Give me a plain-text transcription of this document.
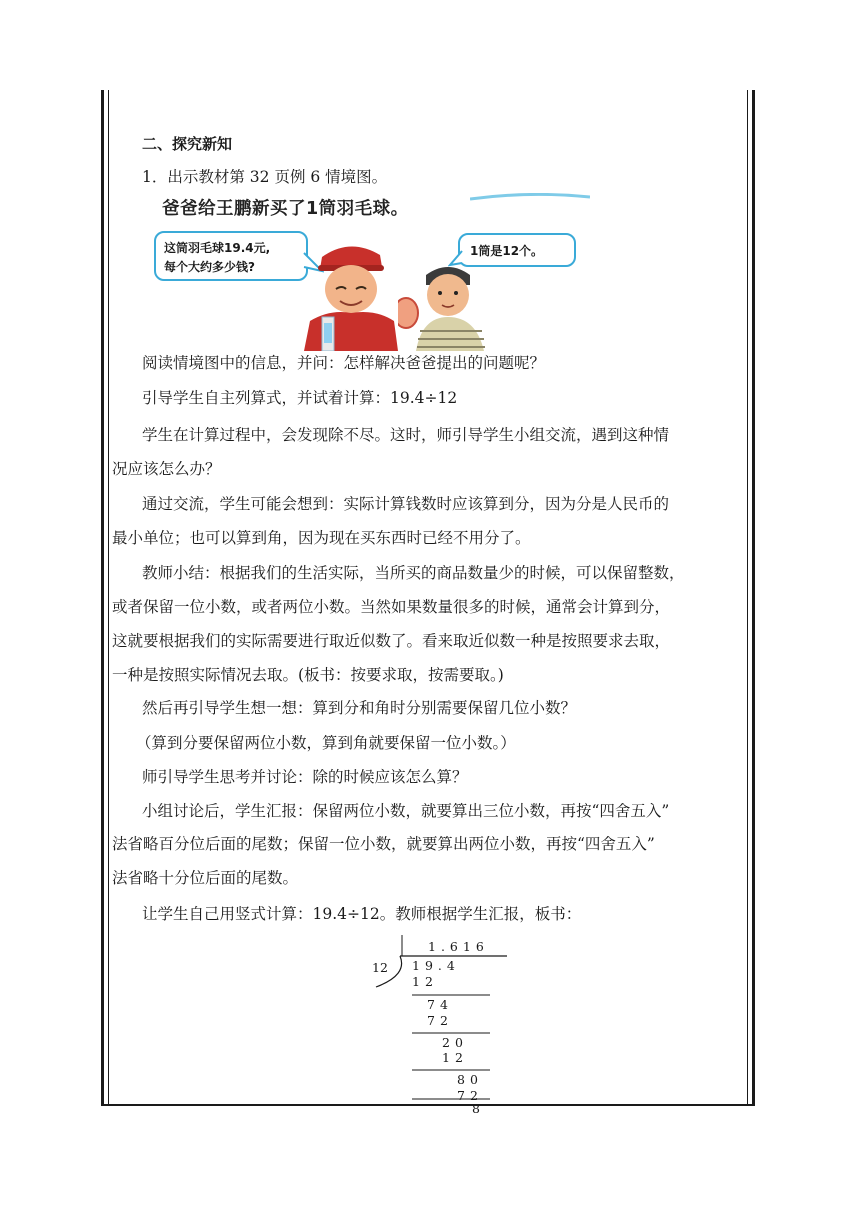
二、探究新知
1．出示教材第 32 页例 6 情境图。
爸爸给王鹏新买了1筒羽毛球。
这筒羽毛球19.4元,
每个大约多少钱?
1筒是12个。
阅读情境图中的信息，并问：怎样解决爸爸提出的问题呢？
引导学生自主列算式，并试着计算：19.4÷12
学生在计算过程中，会发现除不尽。这时，师引导学生小组交流，遇到这种情
况应该怎么办？
通过交流，学生可能会想到：实际计算钱数时应该算到分，因为分是人民币的
最小单位；也可以算到角，因为现在买东西时已经不用分了。
教师小结：根据我们的生活实际，当所买的商品数量少的时候，可以保留整数，
或者保留一位小数，或者两位小数。当然如果数量很多的时候，通常会计算到分，
这就要根据我们的实际需要进行取近似数了。看来取近似数一种是按照要求去取，
一种是按照实际情况去取。(板书：按要求取，按需要取。)
然后再引导学生想一想：算到分和角时分别需要保留几位小数？
（算到分要保留两位小数，算到角就要保留一位小数。）
师引导学生思考并讨论：除的时候应该怎么算？
小组讨论后，学生汇报：保留两位小数，就要算出三位小数，再按“四舍五入”
法省略百分位后面的尾数；保留一位小数，就要算出两位小数，再按“四舍五入”
法省略十分位后面的尾数。
让学生自己用竖式计算：19.4÷12。教师根据学生汇报，板书：
1.616
12 19.4
12
74
72
20
12
80
72
8
